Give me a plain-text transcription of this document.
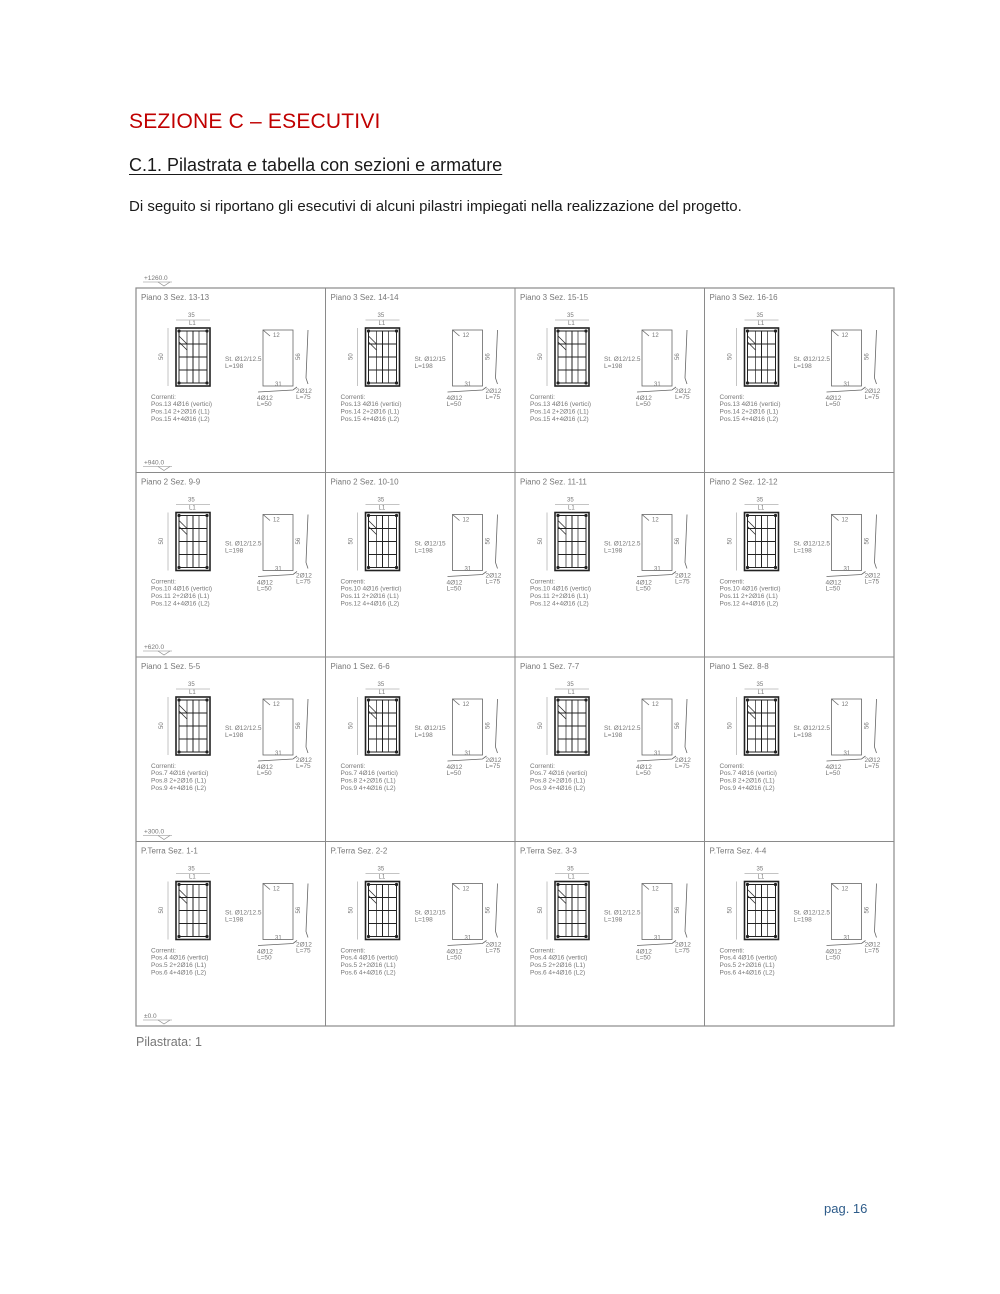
SEZIONE C – ESECUTIVI
C.1. Pilastrata e tabella con sezioni e armature

Di seguito si riportano gli esecutivi di alcuni pilastri impiegati nella realizzazione del progetto.

+1260.0
+940.0
+620.0
+300.0
±0.0
Piano 3 Sez. 13-13
35
L1
50	St. Ø12/12.5
L=198
12
56
31
4Ø12
L=50
2Ø12
L=75
Correnti:
Pos.13 4Ø16 (vertici)
Pos.14 2+2Ø16 (L1)
Pos.15 4+4Ø16 (L2)
Piano 3 Sez. 14-14
35
L1
50	St. Ø12/15
L=198
12
56
31
4Ø12
L=50
2Ø12
L=75
Correnti:
Pos.13 4Ø16 (vertici)
Pos.14 2+2Ø16 (L1)
Pos.15 4+4Ø16 (L2)
Piano 3 Sez. 15-15
35
L1
50	St. Ø12/12.5
L=198
12
56
31
4Ø12
L=50
2Ø12
L=75
Correnti:
Pos.13 4Ø16 (vertici)
Pos.14 2+2Ø16 (L1)
Pos.15 4+4Ø16 (L2)
Piano 3 Sez. 16-16
35
L1
50	St. Ø12/12.5
L=198
12
56
31
4Ø12
L=50
2Ø12
L=75
Correnti:
Pos.13 4Ø16 (vertici)
Pos.14 2+2Ø16 (L1)
Pos.15 4+4Ø16 (L2)
Piano 2 Sez. 9-9
35
L1
50	St. Ø12/12.5
L=198
12
56
31
4Ø12
L=50
2Ø12
L=75
Correnti:
Pos.10 4Ø16 (vertici)
Pos.11 2+2Ø16 (L1)
Pos.12 4+4Ø16 (L2)
Piano 2 Sez. 10-10
35
L1
50	St. Ø12/15
L=198
12
56
31
4Ø12
L=50
2Ø12
L=75
Correnti:
Pos.10 4Ø16 (vertici)
Pos.11 2+2Ø16 (L1)
Pos.12 4+4Ø16 (L2)
Piano 2 Sez. 11-11
35
L1
50	St. Ø12/12.5
L=198
12
56
31
4Ø12
L=50
2Ø12
L=75
Correnti:
Pos.10 4Ø16 (vertici)
Pos.11 2+2Ø16 (L1)
Pos.12 4+4Ø16 (L2)
Piano 2 Sez. 12-12
35
L1
50	St. Ø12/12.5
L=198
12
56
31
4Ø12
L=50
2Ø12
L=75
Correnti:
Pos.10 4Ø16 (vertici)
Pos.11 2+2Ø16 (L1)
Pos.12 4+4Ø16 (L2)
Piano 1 Sez. 5-5
35
L1
50	St. Ø12/12.5
L=198
12
56
31
4Ø12
L=50
2Ø12
L=75
Correnti:
Pos.7 4Ø16 (vertici)
Pos.8 2+2Ø16 (L1)
Pos.9 4+4Ø16 (L2)
Piano 1 Sez. 6-6
35
L1
50	St. Ø12/15
L=198
12
56
31
4Ø12
L=50
2Ø12
L=75
Correnti:
Pos.7 4Ø16 (vertici)
Pos.8 2+2Ø16 (L1)
Pos.9 4+4Ø16 (L2)
Piano 1 Sez. 7-7
35
L1
50	St. Ø12/12.5
L=198
12
56
31
4Ø12
L=50
2Ø12
L=75
Correnti:
Pos.7 4Ø16 (vertici)
Pos.8 2+2Ø16 (L1)
Pos.9 4+4Ø16 (L2)
Piano 1 Sez. 8-8
35
L1
50	St. Ø12/12.5
L=198
12
56
31
4Ø12
L=50
2Ø12
L=75
Correnti:
Pos.7 4Ø16 (vertici)
Pos.8 2+2Ø16 (L1)
Pos.9 4+4Ø16 (L2)
P.Terra Sez. 1-1
35
L1
50	St. Ø12/12.5
L=198
12
56
31
4Ø12
L=50
2Ø12
L=75
Correnti:
Pos.4 4Ø16 (vertici)
Pos.5 2+2Ø16 (L1)
Pos.6 4+4Ø16 (L2)
P.Terra Sez. 2-2
35
L1
50	St. Ø12/15
L=198
12
56
31
4Ø12
L=50
2Ø12
L=75
Correnti:
Pos.4 4Ø16 (vertici)
Pos.5 2+2Ø16 (L1)
Pos.6 4+4Ø16 (L2)
P.Terra Sez. 3-3
35
L1
50	St. Ø12/12.5
L=198
12
56
31
4Ø12
L=50
2Ø12
L=75
Correnti:
Pos.4 4Ø16 (vertici)
Pos.5 2+2Ø16 (L1)
Pos.6 4+4Ø16 (L2)
P.Terra Sez. 4-4
35
L1
50	St. Ø12/12.5
L=198
12
56
31
4Ø12
L=50
2Ø12
L=75
Correnti:
Pos.4 4Ø16 (vertici)
Pos.5 2+2Ø16 (L1)
Pos.6 4+4Ø16 (L2)
Pilastrata: 1
pag. 16
